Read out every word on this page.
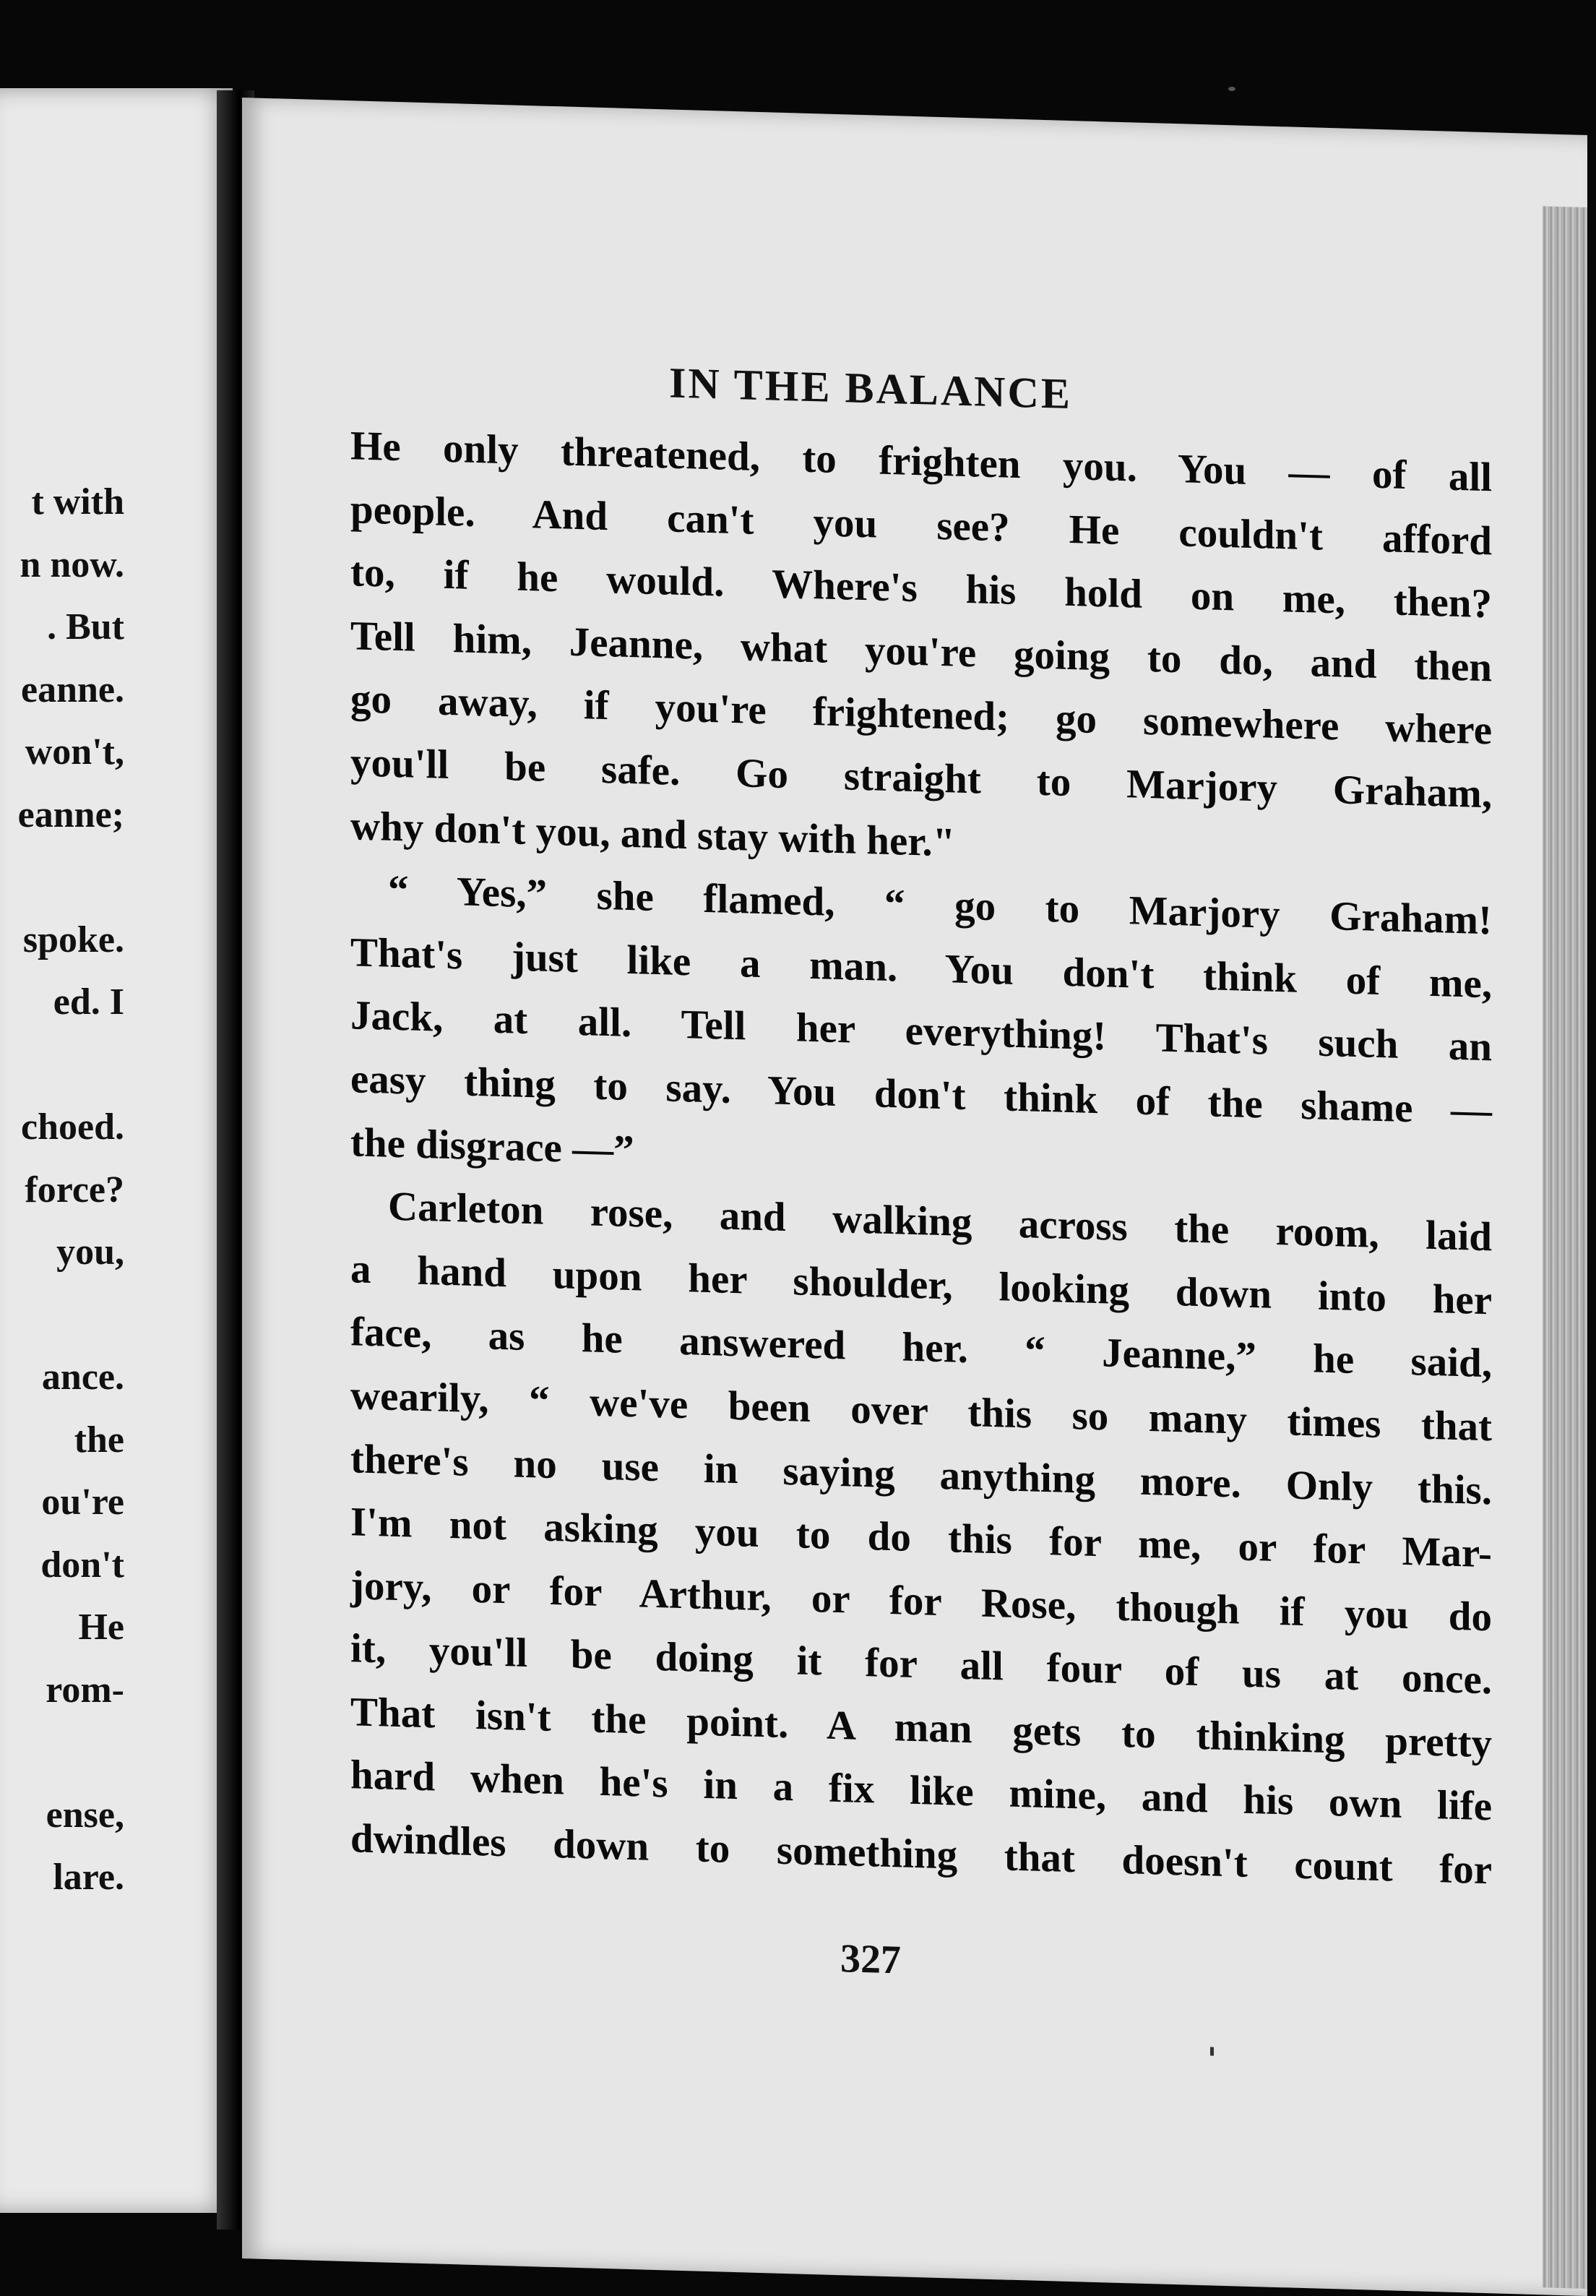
t with
n now.
. But
eanne.
won't,
eanne;

spoke.
ed. I

choed.
force?
you,

ance.
the
ou're
don't
He
rom-

ense,
lare.
IN THE BALANCE
He only threatened, to frighten you. You — of all
people. And can't you see? He couldn't afford
to, if he would. Where's his hold on me, then?
Tell him, Jeanne, what you're going to do, and then
go away, if you're frightened; go somewhere where
you'll be safe. Go straight to Marjory Graham,
why don't you, and stay with her."
“ Yes,” she flamed, “ go to Marjory Graham!
That's just like a man. You don't think of me,
Jack, at all. Tell her everything! That's such an
easy thing to say. You don't think of the shame —
the disgrace —”
Carleton rose, and walking across the room, laid
a hand upon her shoulder, looking down into her
face, as he answered her. “ Jeanne,” he said,
wearily, “ we've been over this so many times that
there's no use in saying anything more. Only this.
I'm not asking you to do this for me, or for Mar-
jory, or for Arthur, or for Rose, though if you do
it, you'll be doing it for all four of us at once.
That isn't the point. A man gets to thinking pretty
hard when he's in a fix like mine, and his own life
dwindles down to something that doesn't count for
327
